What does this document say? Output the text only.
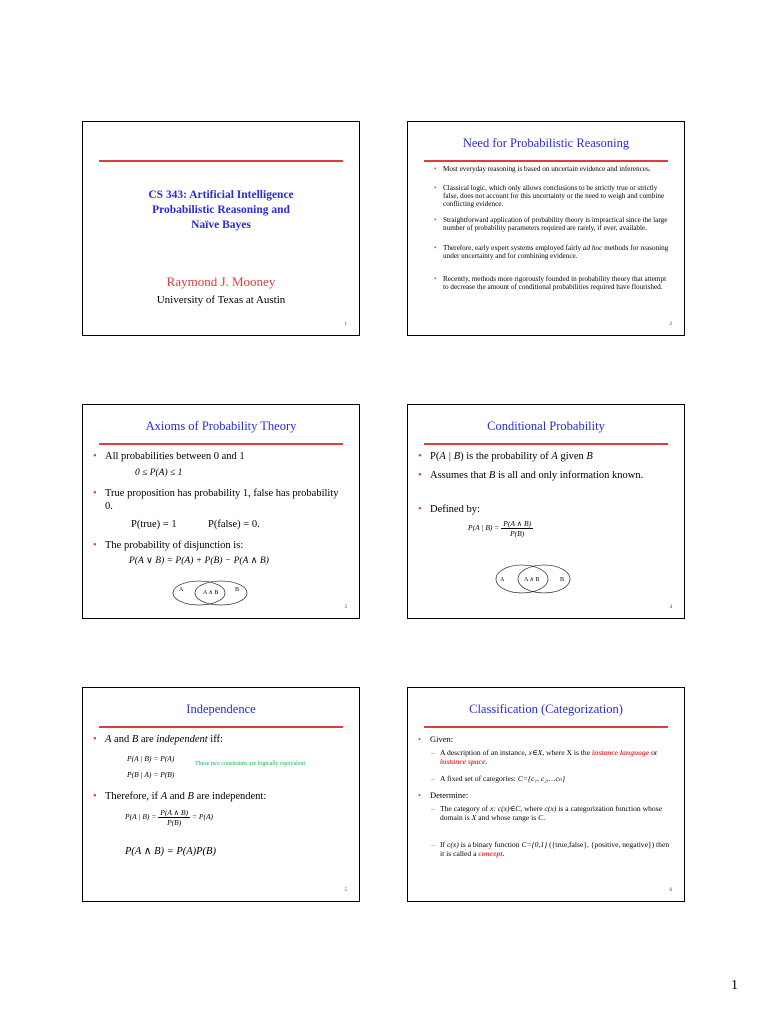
CS 343: Artificial Intelligence
Probabilistic Reasoning and
Naïve Bayes
Raymond J. Mooney
University of Texas at Austin
1
Need for Probabilistic Reasoning
• Most everyday reasoning is based on uncertain evidence and inferences.
• Classical logic, which only allows conclusions to be strictly true or strictly false, does not account for this uncertainty or the need to weigh and combine conflicting evidence.
• Straightforward application of probability theory is impractical since the large number of probability parameters required are rarely, if ever, available.
• Therefore, early expert systems employed fairly ad hoc methods for reasoning under uncertainty and for combining evidence.
• Recently, methods more rigorously founded in probability theory that attempt to decrease the amount of conditional probabilities required have flourished.
2
Axioms of Probability Theory
• All probabilities between 0 and 1
0 ≤ P(A) ≤ 1
• True proposition has probability 1, false has probability 0.
P(true) = 1	P(false) = 0.
• The probability of disjunction is:
P(A ∨ B) = P(A) + P(B) − P(A ∧ B)
A	A ∧ B	B
3
Conditional Probability
• P(A | B) is the probability of A given B
• Assumes that B is all and only information known.
• Defined by:
P(A | $B) = \frac{P(A \wedge B)}{P(B)}$
A	A ∧ B	B
4
Independence
• A and B are independent iff:
P(A | B) = P(A)
P(B | A) = P(B)
These two constraints are logically equivalent
• Therefore, if A and B are independent:
P(A | $B) = \frac{P(A \wedge B)}{P(B)} = P(A)$
P(A ∧ B) = P(A)P(B)
5
Classification (Categorization)
• Given:
– A description of an instance, x∈X, where X is the instance language or instance space.
– A fixed set of categories: C={c₁, c₂,…cₙ}
• Determine:
– The category of x: c(x)∈C, where c(x) is a categorization function whose domain is X and whose range is C.
– If c(x) is a binary function C={0,1} ({true,false}, {positive, negative}) then it is called a concept.
6
1
